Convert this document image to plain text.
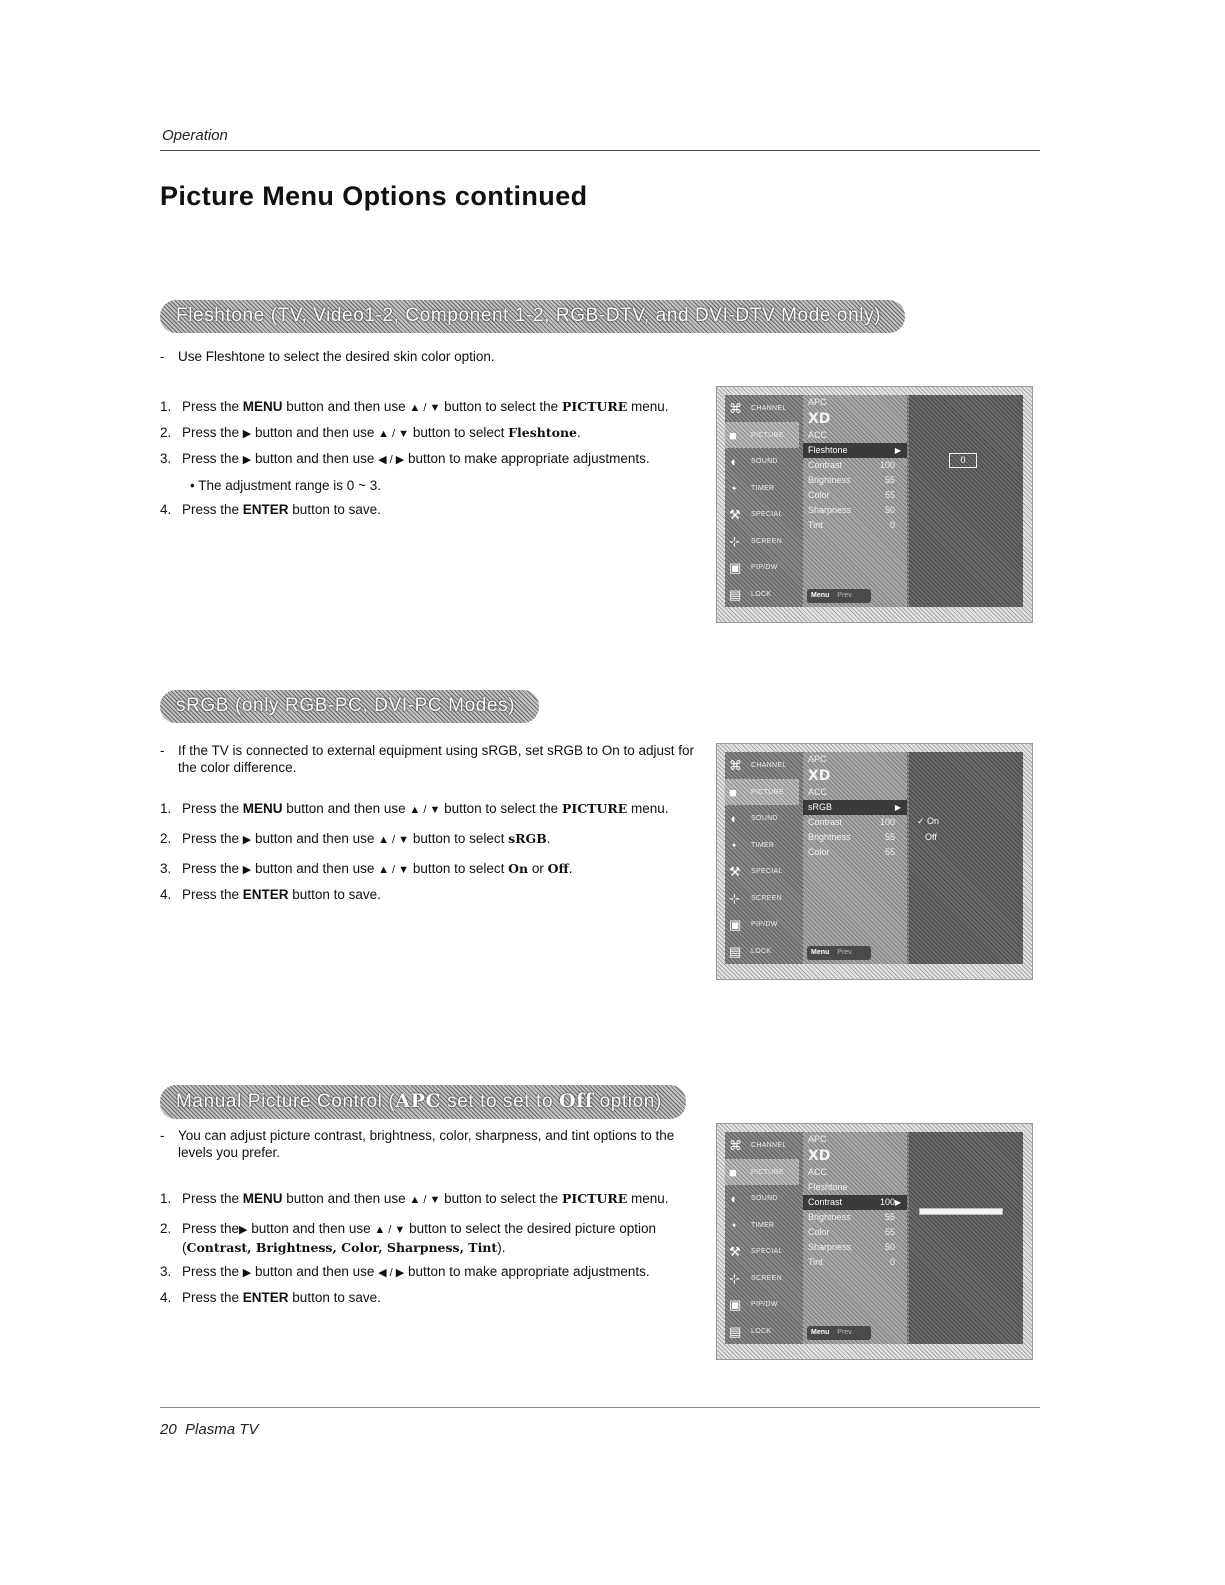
Operation
Picture Menu Options continued
Fleshtone (TV, Video1-2, Component 1-2, RGB-DTV, and DVI-DTV Mode only)
-	Use Fleshtone to select the desired skin color option.
1. Press the MENU button and then use ▲ / ▼ button to select the PICTURE menu.
2. Press the ▶ button and then use ▲ / ▼ button to select Fleshtone.
3. Press the ▶ button and then use ◀ / ▶ button to make appropriate adjustments.
• The adjustment range is 0 ~ 3.
4. Press the ENTER button to save.
⌘ CHANNEL
■ PICTURE
◖ SOUND
◔ TIMER
⚒ SPECIAL
⊹ SCREEN
▣ PIP/DW
▤ LOCK
APC
XD
ACC
Fleshtone	▶
Contrast	100
Brightness	55
Color	55
Sharpness	50
Tint	0
Menu Prev.
0
sRGB (only RGB-PC, DVI-PC Modes)
-	If the TV is connected to external equipment using sRGB, set sRGB to On to adjust for the color difference.
1. Press the MENU button and then use ▲ / ▼ button to select the PICTURE menu.
2. Press the ▶ button and then use ▲ / ▼ button to select sRGB.
3. Press the ▶ button and then use ▲ / ▼ button to select On or Off.
4. Press the ENTER button to save.
⌘ CHANNEL
■ PICTURE
◖ SOUND
◔ TIMER
⚒ SPECIAL
⊹ SCREEN
▣ PIP/DW
▤ LOCK
APC
XD
ACC
sRGB	▶
Contrast	100
Brightness	55
Color	55
Menu Prev.
✓ On
Off
Manual Picture Control (APC set to set to Off option)
-	You can adjust picture contrast, brightness, color, sharpness, and tint options to the levels you prefer.
1. Press the MENU button and then use ▲ / ▼ button to select the PICTURE menu.
2. Press the▶ button and then use ▲ / ▼ button to select the desired picture option
(Contrast, Brightness, Color, Sharpness, Tint).
3. Press the ▶ button and then use ◀ / ▶ button to make appropriate adjustments.
4. Press the ENTER button to save.
⌘ CHANNEL
■ PICTURE
◖ SOUND
◔ TIMER
⚒ SPECIAL
⊹ SCREEN
▣ PIP/DW
▤ LOCK
APC
XD
ACC
Fleshtone
Contrast	100 ▶
Brightness	55
Color	55
Sharpness	50
Tint	0
Menu Prev.
20 Plasma TV
